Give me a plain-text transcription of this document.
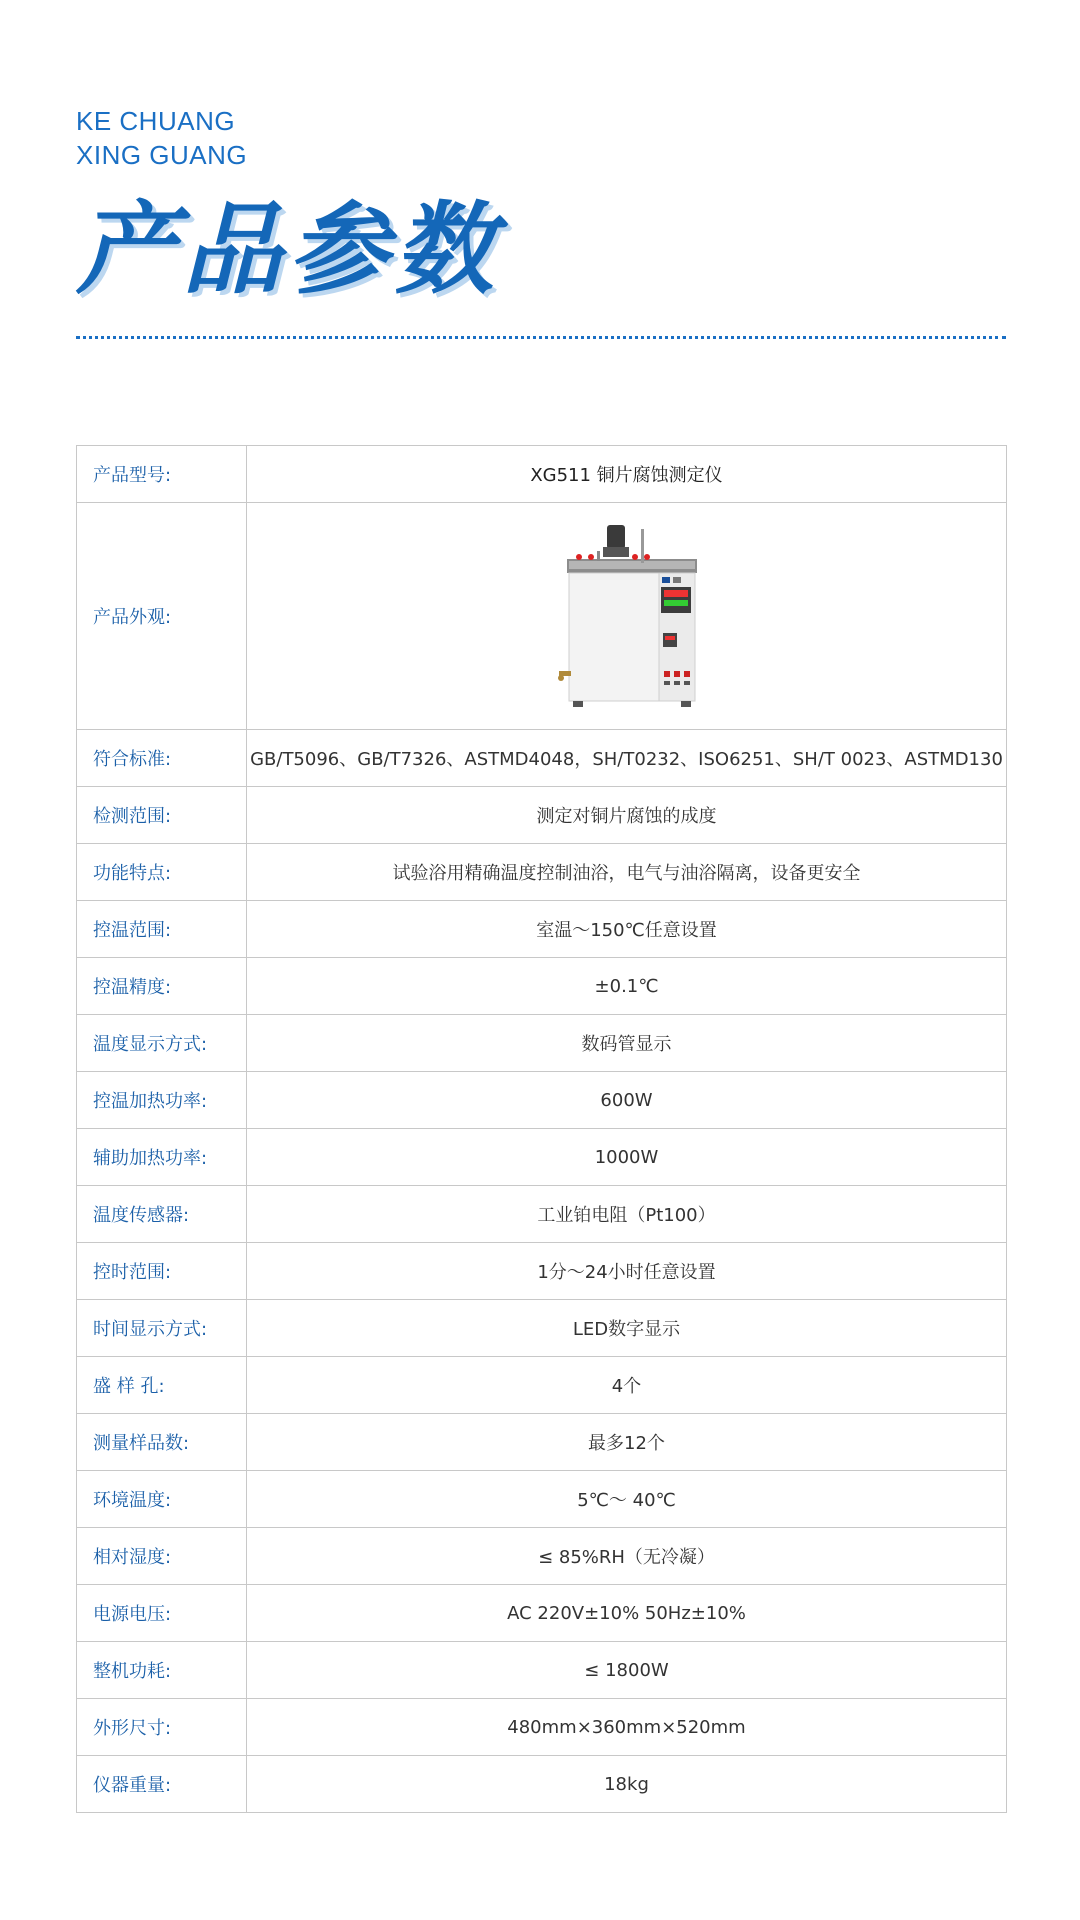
KE CHUANG
XING GUANG
产品参数
产品型号:	XG511 铜片腐蚀测定仪
产品外观:	

符合标准:	GB/T5096、GB/T7326、ASTMD4048，SH/T0232、ISO6251、SH/T 0023、ASTMD130
检测范围:	测定对铜片腐蚀的成度
功能特点:	试验浴用精确温度控制油浴，电气与油浴隔离，设备更安全
控温范围:	室温～150℃任意设置
控温精度:	±0.1℃
温度显示方式:	数码管显示
控温加热功率:	600W
辅助加热功率:	1000W
温度传感器:	工业铂电阻（Pt100）
控时范围:	1分～24小时任意设置
时间显示方式:	LED数字显示
盛 样 孔:	4个
测量样品数:	最多12个
环境温度:	5℃～ 40℃
相对湿度:	≤ 85%RH（无冷凝）
电源电压:	AC 220V±10% 50Hz±10%
整机功耗:	≤ 1800W
外形尺寸:	480mm×360mm×520mm
仪器重量:	18kg
